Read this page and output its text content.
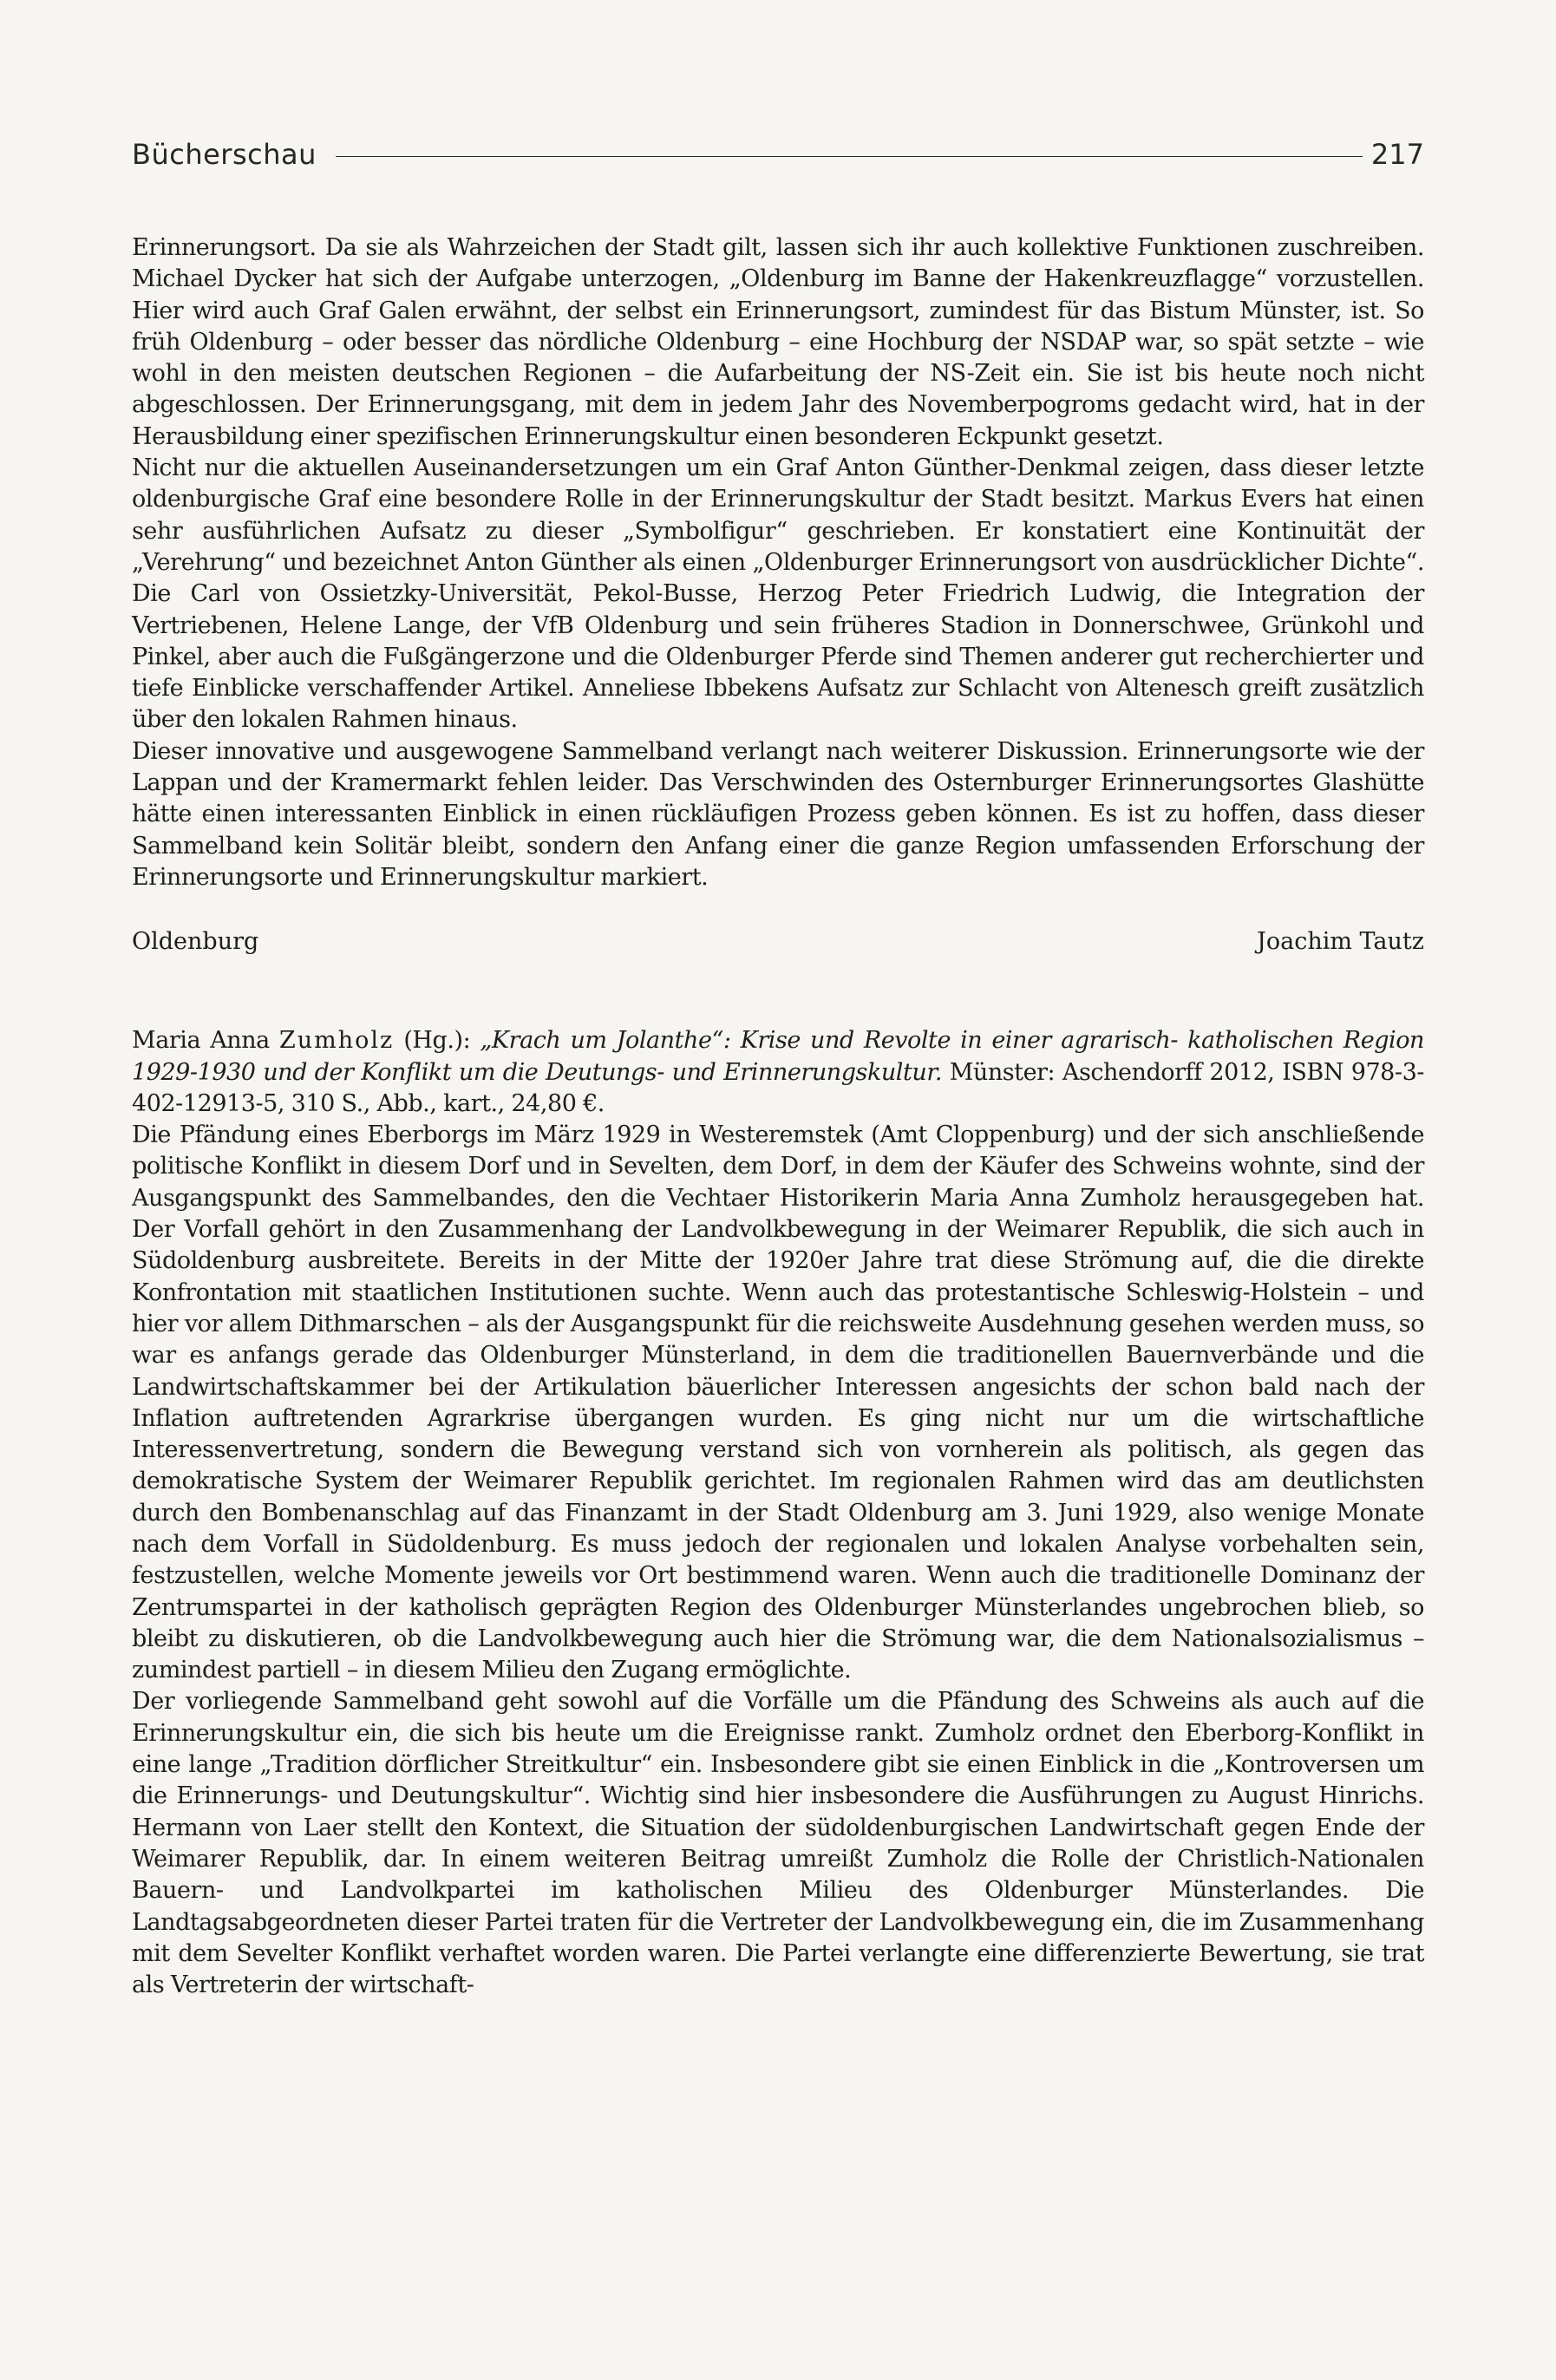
Bücherschau	217

Erinnerungsort. Da sie als Wahrzeichen der Stadt gilt, lassen sich ihr auch kollektive Funktionen zuschreiben. Michael Dycker hat sich der Aufgabe unterzogen, „Oldenburg im Banne der Hakenkreuzflagge“ vorzustellen. Hier wird auch Graf Galen erwähnt, der selbst ein Erinnerungsort, zumindest für das Bistum Münster, ist. So früh Oldenburg – oder besser das nördliche Oldenburg – eine Hochburg der NSDAP war, so spät setzte – wie wohl in den meisten deutschen Regionen – die Aufarbeitung der NS-Zeit ein. Sie ist bis heute noch nicht abgeschlossen. Der Erinnerungsgang, mit dem in jedem Jahr des Novemberpogroms gedacht wird, hat in der Herausbildung einer spezifischen Erinnerungskultur einen besonderen Eckpunkt gesetzt.

Nicht nur die aktuellen Auseinandersetzungen um ein Graf Anton Günther-Denkmal zeigen, dass dieser letzte oldenburgische Graf eine besondere Rolle in der Erinnerungskultur der Stadt besitzt. Markus Evers hat einen sehr ausführlichen Aufsatz zu dieser „Symbolfigur“ geschrieben. Er konstatiert eine Kontinuität der „Verehrung“ und bezeichnet Anton Günther als einen „Oldenburger Erinnerungsort von ausdrücklicher Dichte“. Die Carl von Ossietzky-Universität, Pekol-Busse, Herzog Peter Friedrich Ludwig, die Integration der Vertriebenen, Helene Lange, der VfB Oldenburg und sein früheres Stadion in Donnerschwee, Grünkohl und Pinkel, aber auch die Fußgängerzone und die Oldenburger Pferde sind Themen anderer gut recherchierter und tiefe Einblicke verschaffender Artikel. Anneliese Ibbekens Aufsatz zur Schlacht von Altenesch greift zusätzlich über den lokalen Rahmen hinaus.

Dieser innovative und ausgewogene Sammelband verlangt nach weiterer Diskussion. Erinnerungsorte wie der Lappan und der Kramermarkt fehlen leider. Das Verschwinden des Osternburger Erinnerungsortes Glashütte hätte einen interessanten Einblick in einen rückläufigen Prozess geben können. Es ist zu hoffen, dass dieser Sammelband kein Solitär bleibt, sondern den Anfang einer die ganze Region umfassenden Erforschung der Erinnerungsorte und Erinnerungskultur markiert.

Oldenburg	Joachim Tautz
Maria Anna Zumholz (Hg.): „Krach um Jolanthe“: Krise und Revolte in einer agrarisch- katholischen Region 1929-1930 und der Konflikt um die Deutungs- und Erinnerungskultur. Münster: Aschendorff 2012, ISBN 978-3-402-12913-5, 310 S., Abb., kart., 24,80 €.

Die Pfändung eines Eberborgs im März 1929 in Westeremstek (Amt Cloppenburg) und der sich anschließende politische Konflikt in diesem Dorf und in Sevelten, dem Dorf, in dem der Käufer des Schweins wohnte, sind der Ausgangspunkt des Sammelbandes, den die Vechtaer Historikerin Maria Anna Zumholz herausgegeben hat. Der Vorfall gehört in den Zusammenhang der Landvolkbewegung in der Weimarer Republik, die sich auch in Südoldenburg ausbreitete. Bereits in der Mitte der 1920er Jahre trat diese Strömung auf, die die direkte Konfrontation mit staatlichen Institutionen suchte. Wenn auch das protestantische Schleswig-Holstein – und hier vor allem Dithmarschen – als der Ausgangspunkt für die reichsweite Ausdehnung gesehen werden muss, so war es anfangs gerade das Oldenburger Münsterland, in dem die traditionellen Bauernverbände und die Landwirtschaftskammer bei der Artikulation bäuerlicher Interessen angesichts der schon bald nach der Inflation auftretenden Agrarkrise übergangen wurden. Es ging nicht nur um die wirtschaftliche Interessenvertretung, sondern die Bewegung verstand sich von vornherein als politisch, als gegen das demokratische System der Weimarer Republik gerichtet. Im regionalen Rahmen wird das am deutlichsten durch den Bombenanschlag auf das Finanzamt in der Stadt Oldenburg am 3. Juni 1929, also wenige Monate nach dem Vorfall in Südoldenburg. Es muss jedoch der regionalen und lokalen Analyse vorbehalten sein, festzustellen, welche Momente jeweils vor Ort bestimmend waren. Wenn auch die traditionelle Dominanz der Zentrumspartei in der katholisch geprägten Region des Oldenburger Münsterlandes ungebrochen blieb, so bleibt zu diskutieren, ob die Landvolkbewegung auch hier die Strömung war, die dem Nationalsozialismus – zumindest partiell – in diesem Milieu den Zugang ermöglichte.

Der vorliegende Sammelband geht sowohl auf die Vorfälle um die Pfändung des Schweins als auch auf die Erinnerungskultur ein, die sich bis heute um die Ereignisse rankt. Zumholz ordnet den Eberborg-Konflikt in eine lange „Tradition dörflicher Streitkultur“ ein. Insbesondere gibt sie einen Einblick in die „Kontroversen um die Erinnerungs- und Deutungskultur“. Wichtig sind hier insbesondere die Ausführungen zu August Hinrichs. Hermann von Laer stellt den Kontext, die Situation der südoldenburgischen Landwirtschaft gegen Ende der Weimarer Republik, dar. In einem weiteren Beitrag umreißt Zumholz die Rolle der Christlich-Nationalen Bauern- und Landvolkpartei im katholischen Milieu des Oldenburger Münsterlandes. Die Landtagsabgeordneten dieser Partei traten für die Vertreter der Landvolkbewegung ein, die im Zusammenhang mit dem Sevelter Konflikt verhaftet worden waren. Die Partei verlangte eine differenzierte Bewertung, sie trat als Vertreterin der wirtschaft-
